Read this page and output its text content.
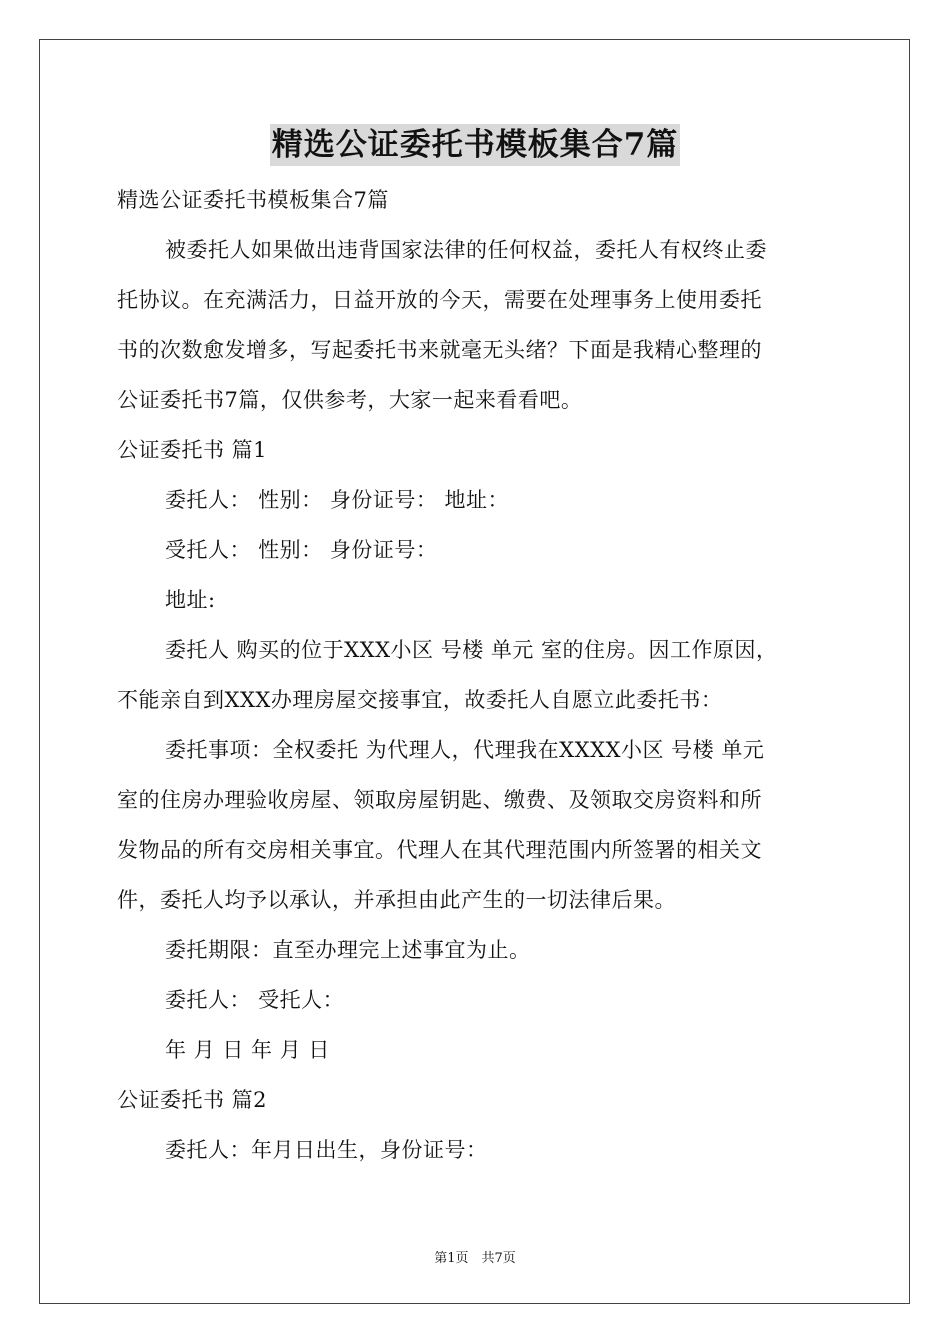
精选公证委托书模板集合7篇
精选公证委托书模板集合7篇
被委托人如果做出违背国家法律的任何权益，委托人有权终止委
托协议。在充满活力，日益开放的今天，需要在处理事务上使用委托
书的次数愈发增多，写起委托书来就毫无头绪？下面是我精心整理的
公证委托书7篇，仅供参考，大家一起来看看吧。
公证委托书 篇1
委托人： 性别： 身份证号： 地址：
受托人： 性别： 身份证号：
地址:
委托人 购买的位于XXX小区 号楼 单元 室的住房。因工作原因，
不能亲自到XXX办理房屋交接事宜，故委托人自愿立此委托书：
委托事项：全权委托 为代理人，代理我在XXXX小区 号楼 单元
室的住房办理验收房屋、领取房屋钥匙、缴费、及领取交房资料和所
发物品的所有交房相关事宜。代理人在其代理范围内所签署的相关文
件，委托人均予以承认，并承担由此产生的一切法律后果。
委托期限：直至办理完上述事宜为止。
委托人： 受托人：
年 月 日 年 月 日
公证委托书 篇2
委托人：年月日出生，身份证号：
第1页　共7页
